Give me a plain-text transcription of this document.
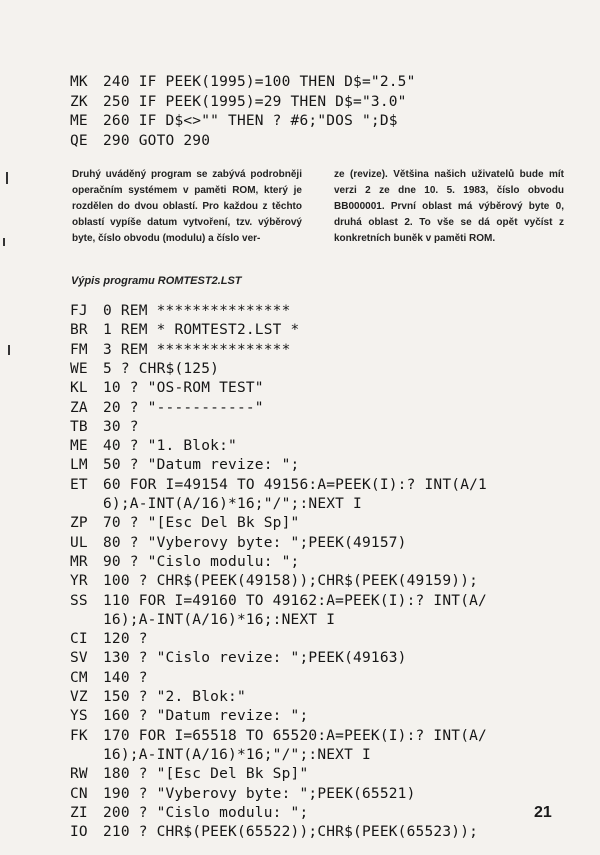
MK	240 IF PEEK(1995)=100 THEN D$="2.5"
ZK	250 IF PEEK(1995)=29 THEN D$="3.0"
ME	260 IF D$<>"" THEN ? #6;"DOS ";D$
QE	290 GOTO 290
Druhý uváděný program se zabývá podrobněji operačním systémem v paměti ROM, který je rozdělen do dvou oblastí. Pro každou z těchto oblastí vypíše datum vytvoření, tzv. výběrový byte, číslo obvodu (modulu) a číslo ver-
ze (revize). Většina našich uživatelů bude mít verzi 2 ze dne 10. 5. 1983, číslo obvodu BB000001. První oblast má výběrový byte 0, druhá oblast 2. To vše se dá opět vyčíst z konkretních buněk v paměti ROM.
Výpis programu ROMTEST2.LST
FJ	0 REM ***************
BR	1 REM * ROMTEST2.LST *
FM	3 REM ***************
WE	5 ? CHR$(125)
KL	10 ? "OS-ROM TEST"
ZA	20 ? "-----------"
TB	30 ?
ME	40 ? "1. Blok:"
LM	50 ? "Datum revize: ";
ET	60 FOR I=49154 TO 49156:A=PEEK(I):? INT(A/1
6);A-INT(A/16)*16;"/";:NEXT I
ZP	70 ? "[Esc Del Bk Sp]"
UL	80 ? "Vyberovy byte: ";PEEK(49157)
MR	90 ? "Cislo modulu: ";
YR	100 ? CHR$(PEEK(49158));CHR$(PEEK(49159));
SS	110 FOR I=49160 TO 49162:A=PEEK(I):? INT(A/
16);A-INT(A/16)*16;:NEXT I
CI	120 ?
SV	130 ? "Cislo revize: ";PEEK(49163)
CM	140 ?
VZ	150 ? "2. Blok:"
YS	160 ? "Datum revize: ";
FK	170 FOR I=65518 TO 65520:A=PEEK(I):? INT(A/
16);A-INT(A/16)*16;"/";:NEXT I
RW	180 ? "[Esc Del Bk Sp]"
CN	190 ? "Vyberovy byte: ";PEEK(65521)
ZI	200 ? "Cislo modulu: ";
IO	210 ? CHR$(PEEK(65522));CHR$(PEEK(65523));
21
